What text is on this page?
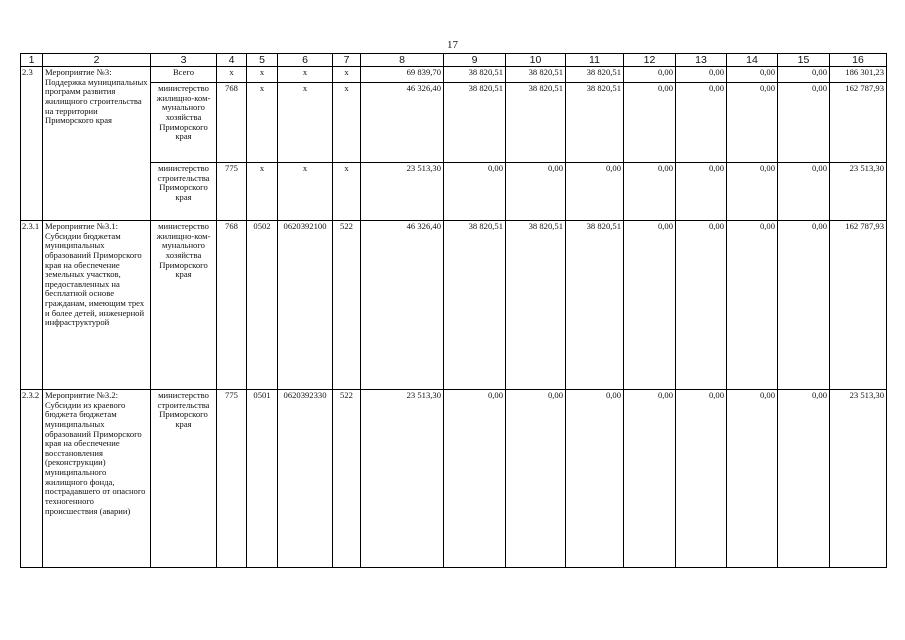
17
1	2	3	4	5	6	7	8	9	10	11	12	13	14	15	16
2.3	Мероприятие №3: Поддержка муниципальных программ развития жилищного строительства на территории Приморского края	Всего	х	х	х	х	69 839,70	38 820,51	38 820,51	38 820,51	0,00	0,00	0,00	0,00	186 301,23
		министерство жилищно-ком-мунального хозяйства Приморского края	768	х	х	х	46 326,40	38 820,51	38 820,51	38 820,51	0,00	0,00	0,00	0,00	162 787,93
		министерство строительства Приморского края	775	х	х	х	23 513,30	0,00	0,00	0,00	0,00	0,00	0,00	0,00	23 513,30
2.3.1	Мероприятие №3.1: Субсидии бюджетам муниципальных образований Приморского края на обеспечение земельных участков, предоставленных на бесплатной основе гражданам, имеющим трех и более детей, инженерной инфраструктурой	министерство жилищно-ком-мунального хозяйства Приморского края	768	0502	0620392100	522	46 326,40	38 820,51	38 820,51	38 820,51	0,00	0,00	0,00	0,00	162 787,93
2.3.2	Мероприятие №3.2: Субсидии из краевого бюджета бюджетам муниципальных образований Приморского края на обеспечение восстановления (реконструкции) муниципального жилищного фонда, пострадавшего от опасного техногенного происшествия (аварии)	министерство строительства Приморского края	775	0501	0620392330	522	23 513,30	0,00	0,00	0,00	0,00	0,00	0,00	0,00	23 513,30
